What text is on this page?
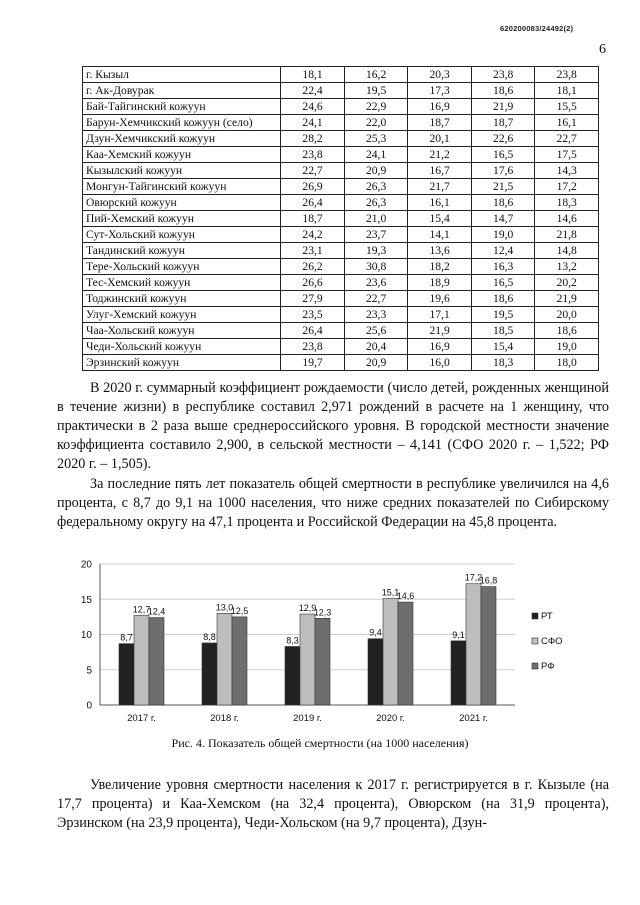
620200083/24492(2)
6
г. Кызыл	18,1	16,2	20,3	23,8	23,8
г. Ак-Довурак	22,4	19,5	17,3	18,6	18,1
Бай-Тайгинский кожуун	24,6	22,9	16,9	21,9	15,5
Барун-Хемчикский кожуун (село)	24,1	22,0	18,7	18,7	16,1
Дзун-Хемчикский кожуун	28,2	25,3	20,1	22,6	22,7
Каа-Хемский кожуун	23,8	24,1	21,2	16,5	17,5
Кызылский кожуун	22,7	20,9	16,7	17,6	14,3
Монгун-Тайгинский кожуун	26,9	26,3	21,7	21,5	17,2
Овюрский кожуун	26,4	26,3	16,1	18,6	18,3
Пий-Хемский кожуун	18,7	21,0	15,4	14,7	14,6
Сут-Хольский кожуун	24,2	23,7	14,1	19,0	21,8
Тандинский кожуун	23,1	19,3	13,6	12,4	14,8
Тере-Хольский кожуун	26,2	30,8	18,2	16,3	13,2
Тес-Хемский кожуун	26,6	23,6	18,9	16,5	20,2
Тоджинский кожуун	27,9	22,7	19,6	18,6	21,9
Улуг-Хемский кожуун	23,5	23,3	17,1	19,5	20,0
Чаа-Хольский кожуун	26,4	25,6	21,9	18,5	18,6
Чеди-Хольский кожуун	23,8	20,4	16,9	15,4	19,0
Эрзинский кожуун	19,7	20,9	16,0	18,3	18,0

В 2020 г. суммарный коэффициент рождаемости (число детей, рожденных женщиной в течение жизни) в республике составил 2,971 рождений в расчете на 1 женщину, что практически в 2 раза выше среднероссийского уровня. В городской местности значение коэффициента составило 2,900, в сельской местности – 4,141 (СФО 2020 г. – 1,522; РФ 2020 г. – 1,505).

За последние пять лет показатель общей смертности в республике увеличился на 4,6 процента, с 8,7 до 9,1 на 1000 населения, что ниже средних показателей по Сибирскому федеральному округу на 47,1 процента и Российской Федерации на 45,8 процента.

0
5
10
15
20
8,7
12,7
12,4
2017 г.
8,8
13,0
12,5
2018 г.
8,3
12,9
12,3
2019 г.
9,4
15,1
14,6
2020 г.
9,1
17,2
16,8
2021 г.
РТ
СФО
РФ
Рис. 4. Показатель общей смертности (на 1000 населения)

Увеличение уровня смертности населения к 2017 г. регистрируется в г. Кызыле (на 17,7 процента) и Каа-Хемском (на 32,4 процента), Овюрском (на 31,9 процента), Эрзинском (на 23,9 процента), Чеди-Хольском (на 9,7 процента), Дзун-
